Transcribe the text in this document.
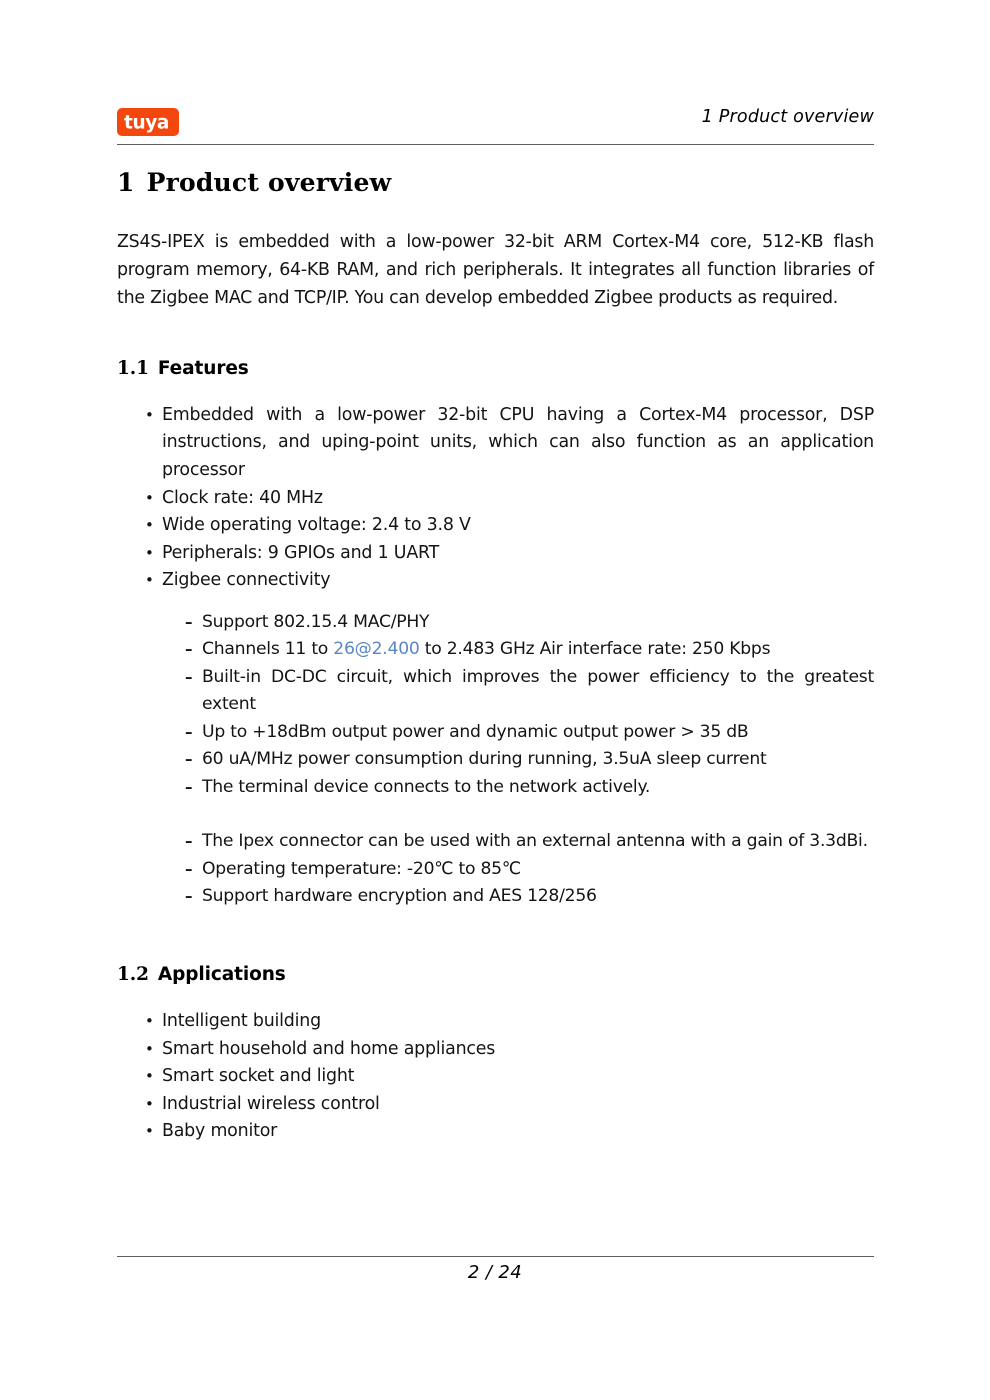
tuya	1 Product overview
1 Product overview

ZS4S-IPEX is embedded with a low-power 32-bit ARM Cortex-M4 core, 512-KB flash program memory, 64-KB RAM, and rich peripherals. It integrates all function libraries of the Zigbee MAC and TCP/IP. You can develop embedded Zigbee products as required.

1.1 Features
• Embedded with a low-power 32-bit CPU having a Cortex-M4 processor, DSP instructions, and uping-point units, which can also function as an application processor
• Clock rate: 40 MHz
• Wide operating voltage: 2.4 to 3.8 V
• Peripherals: 9 GPIOs and 1 UART
• Zigbee connectivity
– Support 802.15.4 MAC/PHY
– Channels 11 to 26@2.400 to 2.483 GHz Air interface rate: 250 Kbps
– Built-in DC-DC circuit, which improves the power efficiency to the greatest extent
– Up to +18dBm output power and dynamic output power > 35 dB
– 60 uA/MHz power consumption during running, 3.5uA sleep current
– The terminal device connects to the network actively.
– The Ipex connector can be used with an external antenna with a gain of 3.3dBi.
– Operating temperature: -20℃ to 85℃
– Support hardware encryption and AES 128/256
1.2 Applications
• Intelligent building
• Smart household and home appliances
• Smart socket and light
• Industrial wireless control
• Baby monitor
2 / 24
